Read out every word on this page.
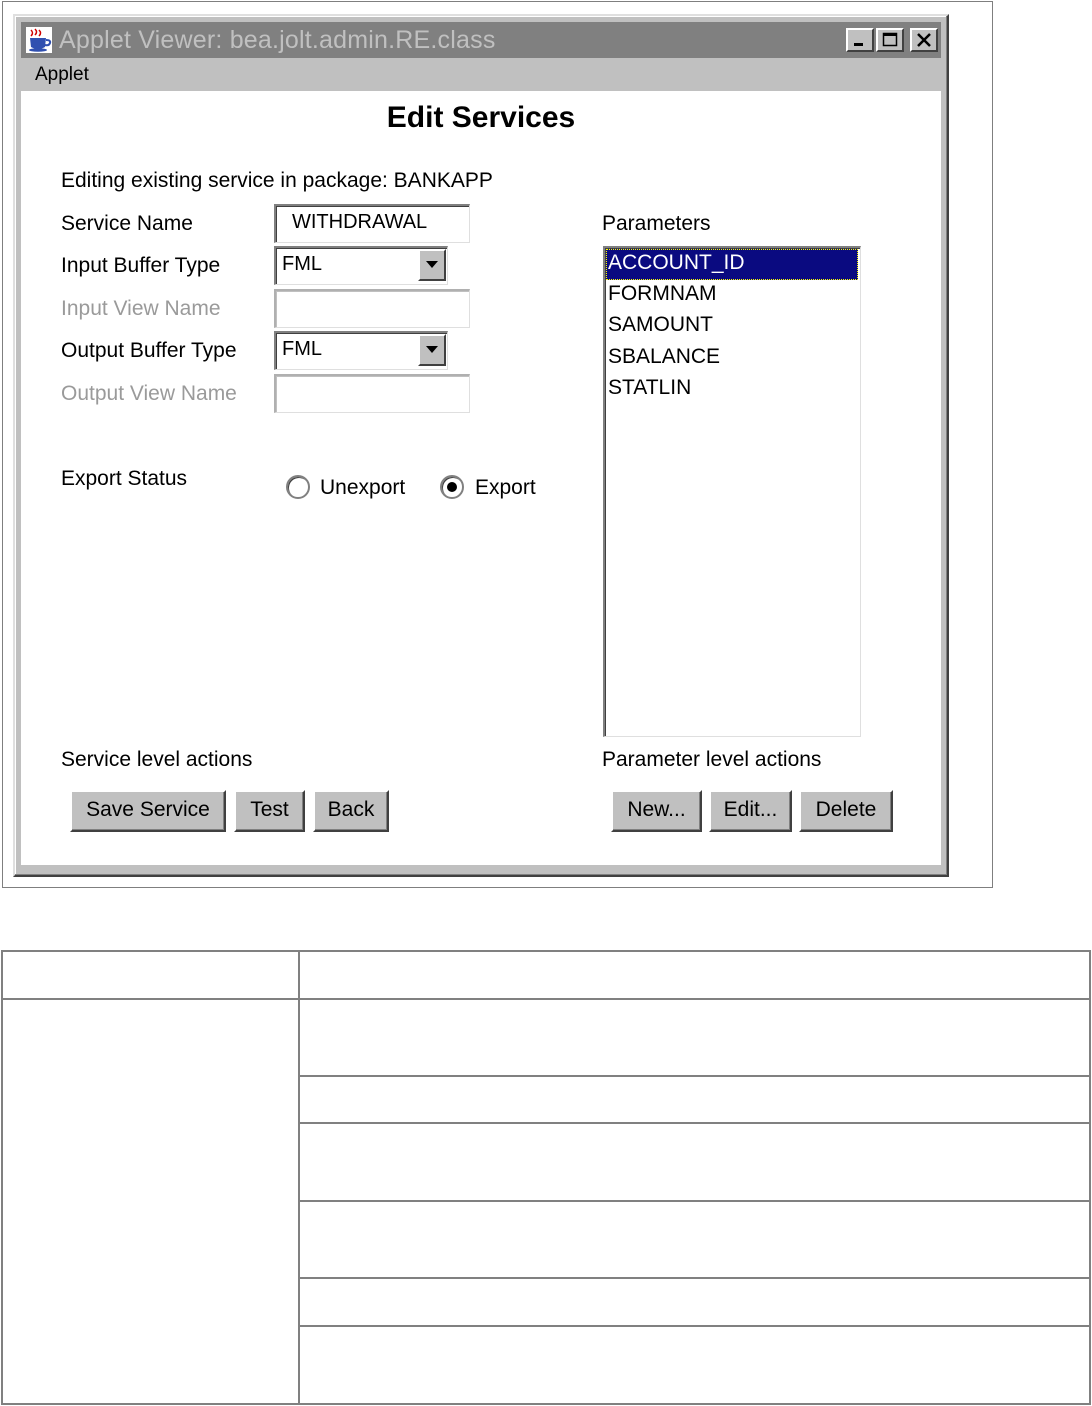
Applet Viewer: bea.jolt.admin.RE.class
Applet
Edit Services
Editing existing service in package: BANKAPP
Service Name	WITHDRAWAL
Input Buffer Type	FML
Input View Name
Output Buffer Type FML
Output View Name
Export Status	Unexport	Export
Parameters
ACCOUNT_ID
FORMNAM
SAMOUNT
SBALANCE
STATLIN
Service level actions
Save Service	Test	Back
Parameter level actions
New...	Edit...	Delete
